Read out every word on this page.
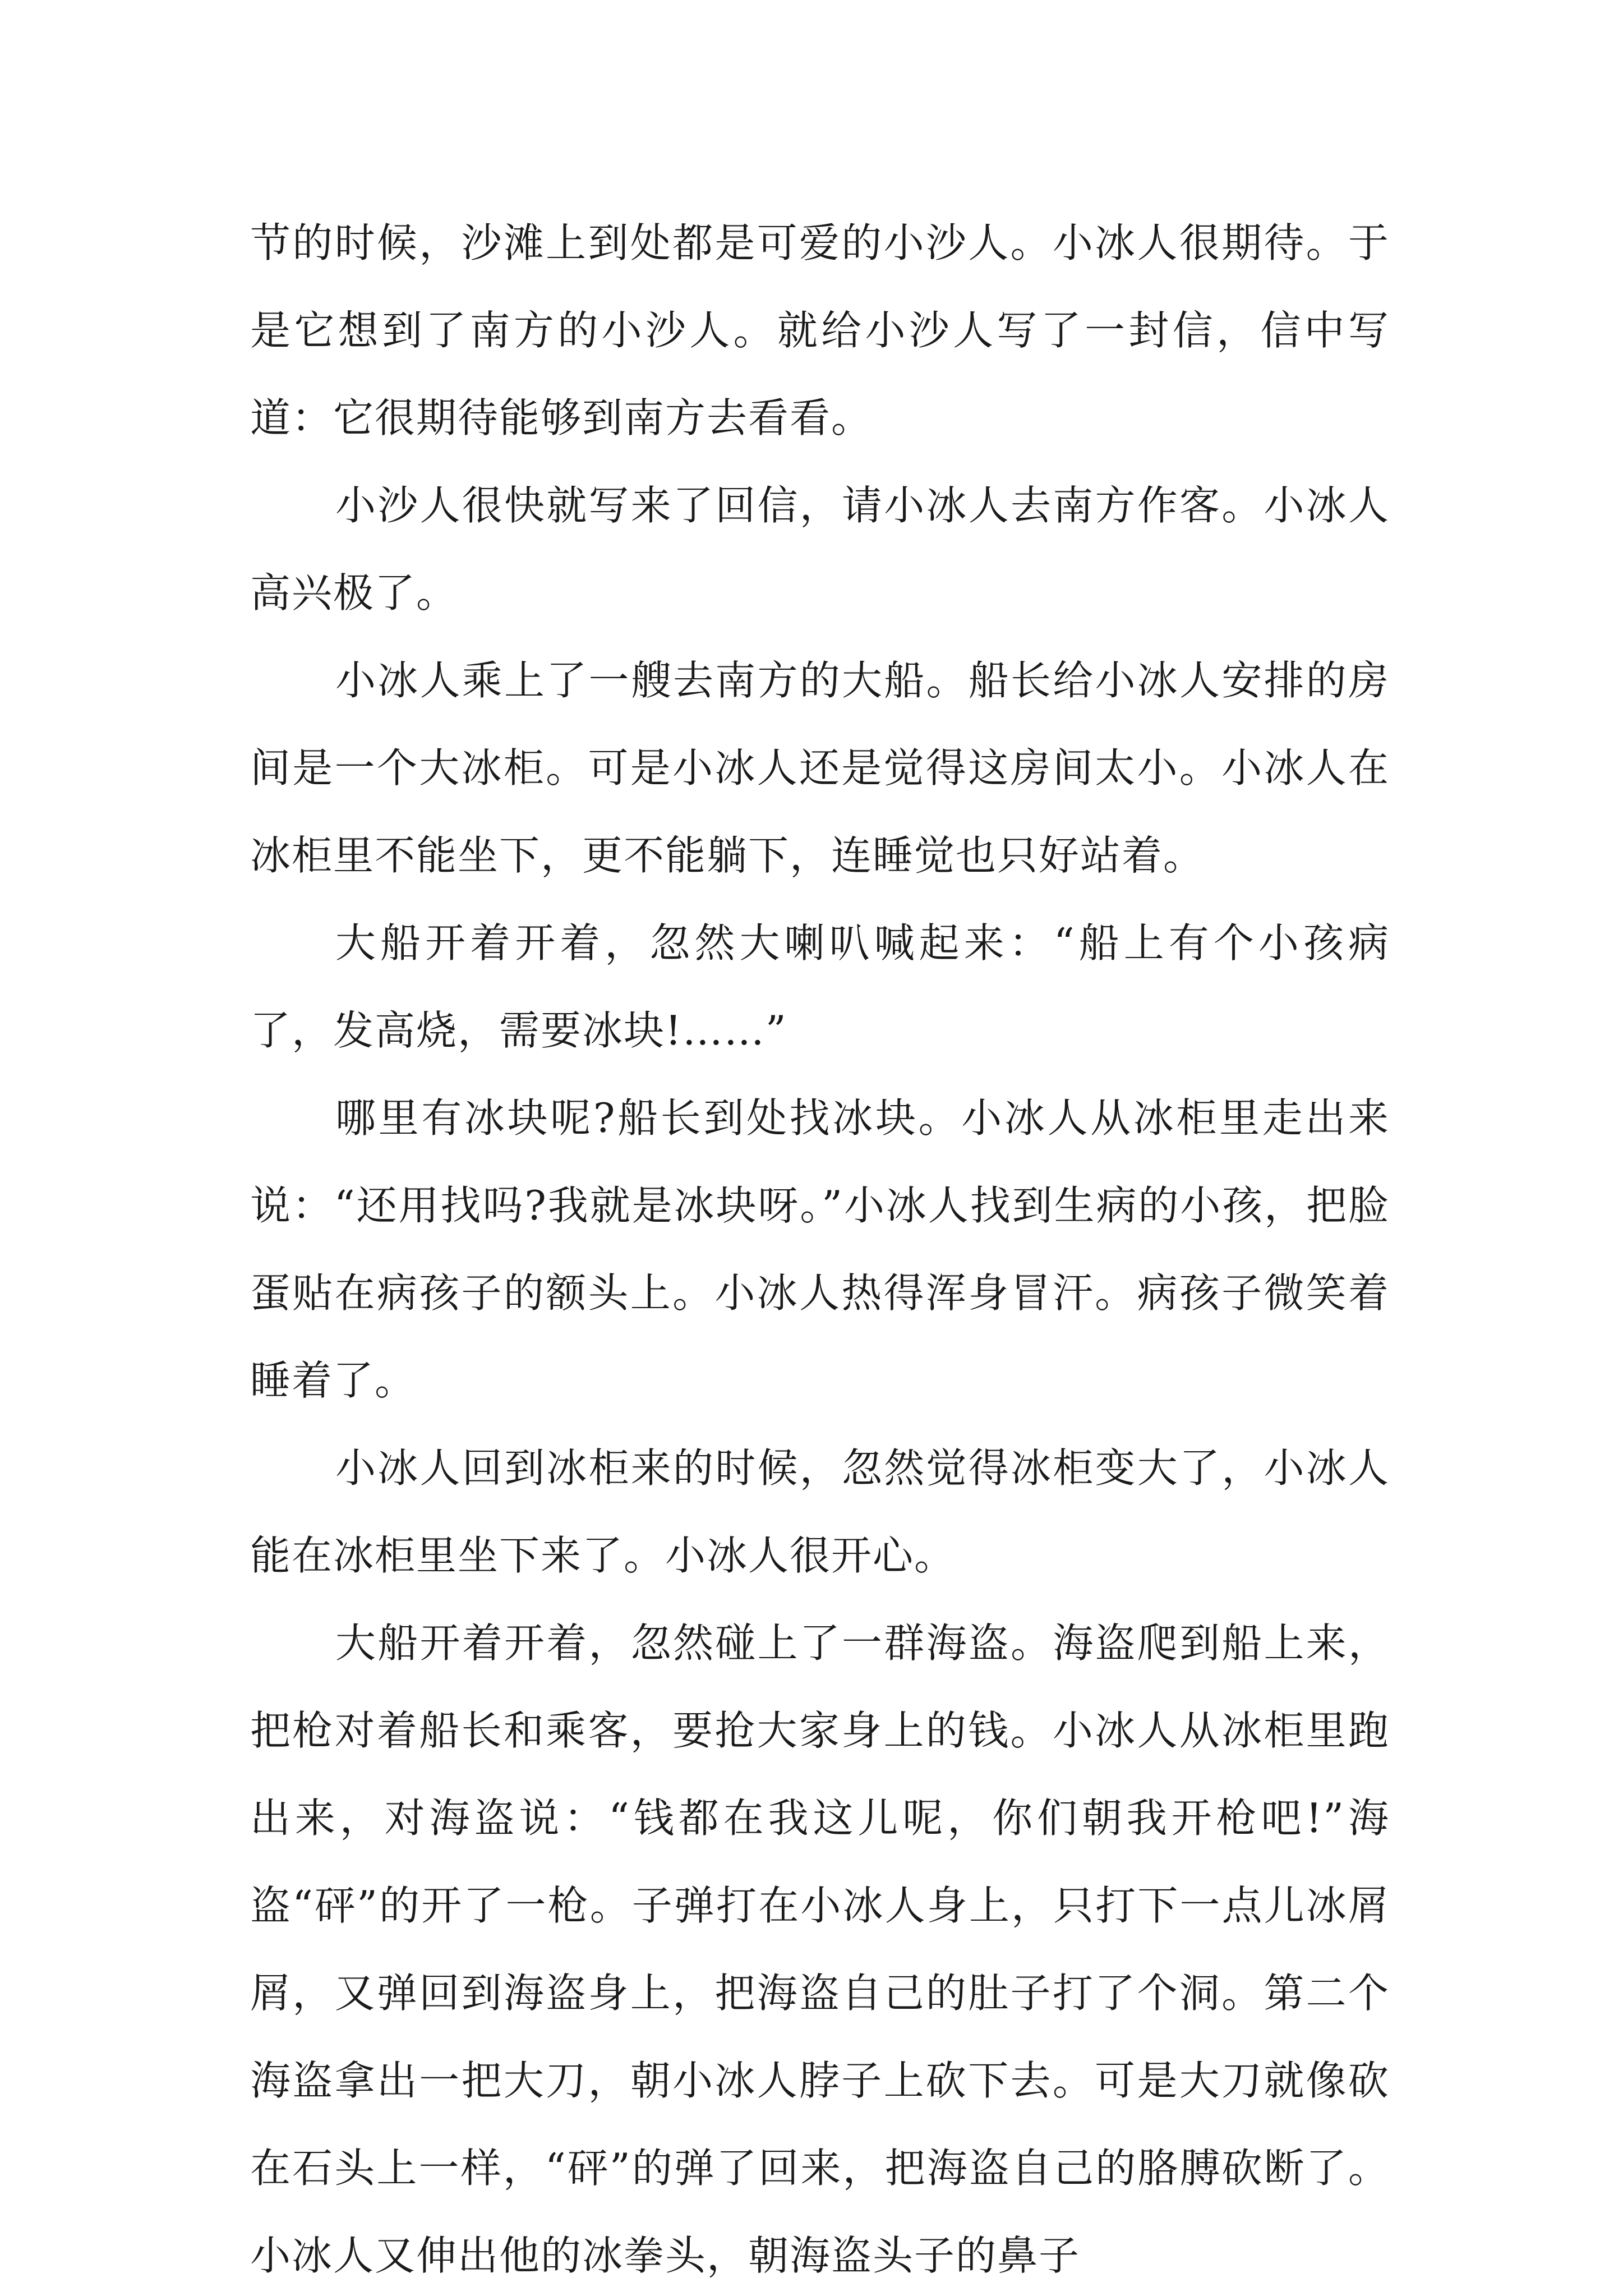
节的时候，沙滩上到处都是可爱的小沙人。小冰人很期待。于是它想到了南方的小沙人。就给小沙人写了一封信，信中写道：它很期待能够到南方去看看。

小沙人很快就写来了回信，请小冰人去南方作客。小冰人高兴极了。

小冰人乘上了一艘去南方的大船。船长给小冰人安排的房间是一个大冰柜。可是小冰人还是觉得这房间太小。小冰人在冰柜里不能坐下，更不能躺下，连睡觉也只好站着。

大船开着开着，忽然大喇叭喊起来：“船上有个小孩病了，发高烧，需要冰块!……”

哪里有冰块呢?船长到处找冰块。小冰人从冰柜里走出来说：“还用找吗?我就是冰块呀。”小冰人找到生病的小孩，把脸蛋贴在病孩子的额头上。小冰人热得浑身冒汗。病孩子微笑着睡着了。

小冰人回到冰柜来的时候，忽然觉得冰柜变大了，小冰人能在冰柜里坐下来了。小冰人很开心。

大船开着开着，忽然碰上了一群海盗。海盗爬到船上来，把枪对着船长和乘客，要抢大家身上的钱。小冰人从冰柜里跑出来，对海盗说：“钱都在我这儿呢，你们朝我开枪吧!”海盗“砰”的开了一枪。子弹打在小冰人身上，只打下一点儿冰屑屑，又弹回到海盗身上，把海盗自己的肚子打了个洞。第二个海盗拿出一把大刀，朝小冰人脖子上砍下去。可是大刀就像砍在石头上一样，“砰”的弹了回来，把海盗自己的胳膊砍断了。小冰人又伸出他的冰拳头，朝海盗头子的鼻子
